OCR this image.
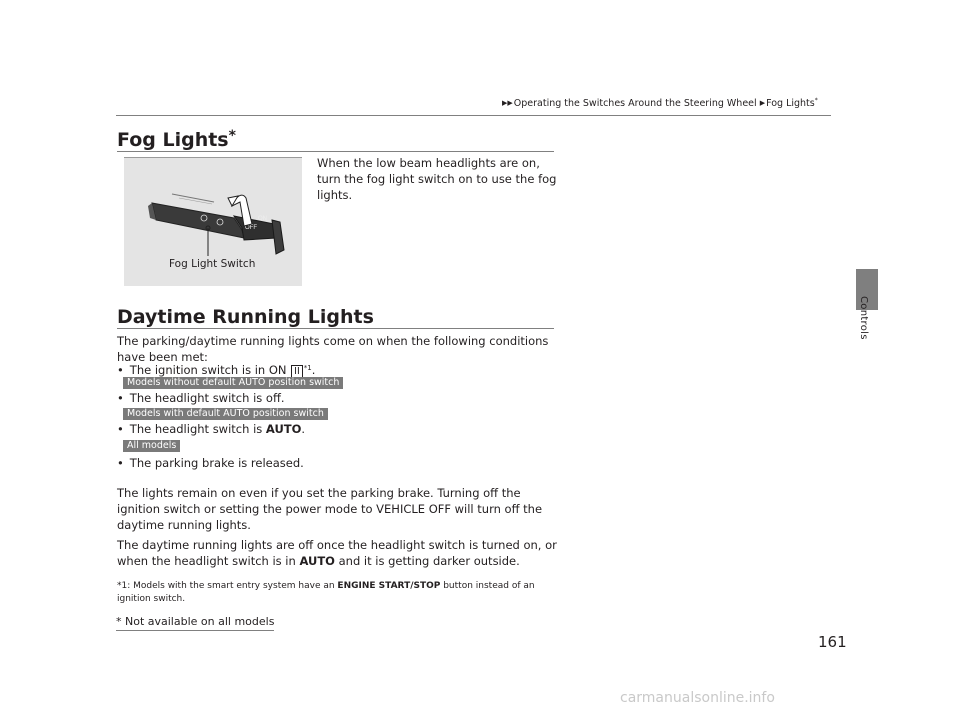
▶▶Operating the Switches Around the Steering Wheel ▶Fog Lights*
Controls
Fog Lights*
OFF
ON
Fog Light Switch
When the low beam headlights are on, turn the fog light switch on to use the fog lights.
Daytime Running Lights
The parking/daytime running lights come on when the following conditions have been met:
• The ignition switch is in ON II $^{*1}$.
Models without default AUTO position switch
• The headlight switch is off.
Models with default AUTO position switch
• The headlight switch is AUTO.
All models
• The parking brake is released.
The lights remain on even if you set the parking brake. Turning off the ignition switch or setting the power mode to VEHICLE OFF will turn off the daytime running lights.
The daytime running lights are off once the headlight switch is turned on, or when the headlight switch is in AUTO and it is getting darker outside.
*1: Models with the smart entry system have an ENGINE START/STOP button instead of an ignition switch.
* Not available on all models
161
carmanualsonline.info
